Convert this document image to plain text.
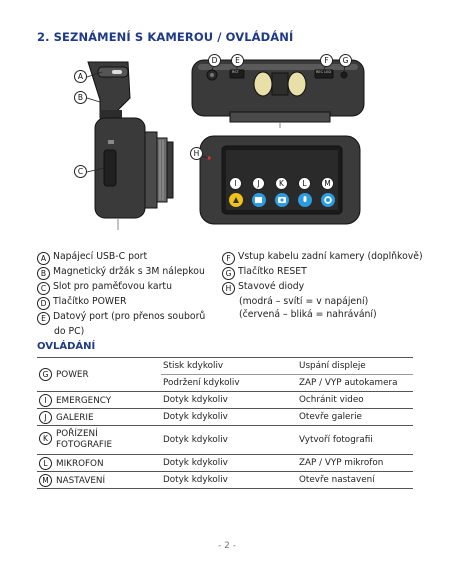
2. SEZNÁMENÍ S KAMEROU / OVLÁDÁNÍ
RST	REC LED
A
B
C
D	E	F	G
H
I	J	K	L	M
A Napájecí USB-C port
B Magnetický držák s 3M nálepkou
C Slot pro paměťovou kartu
D Tlačítko POWER
E Datový port (pro přenos souborů
do PC)
F Vstup kabelu zadní kamery (doplňkově)
G Tlačítko RESET
H Stavové diody
(modrá – svítí = v napájení)
(červená – bliká = nahrávání)
OVLÁDÁNÍ
G POWER	Stisk kdykoliv	Uspání displeje
	Podržení kdykoliv	ZAP / VYP autokamera
I EMERGENCY	Dotyk kdykoliv	Ochránit video
J GALERIE	Dotyk kdykoliv	Otevře galerie
K POŘÍZENÍ
FOTOGRAFIE	Dotyk kdykoliv	Vytvoří fotografii
L MIKROFON	Dotyk kdykoliv	ZAP / VYP mikrofon
M NASTAVENÍ	Dotyk kdykoliv	Otevře nastavení
- 2 -
